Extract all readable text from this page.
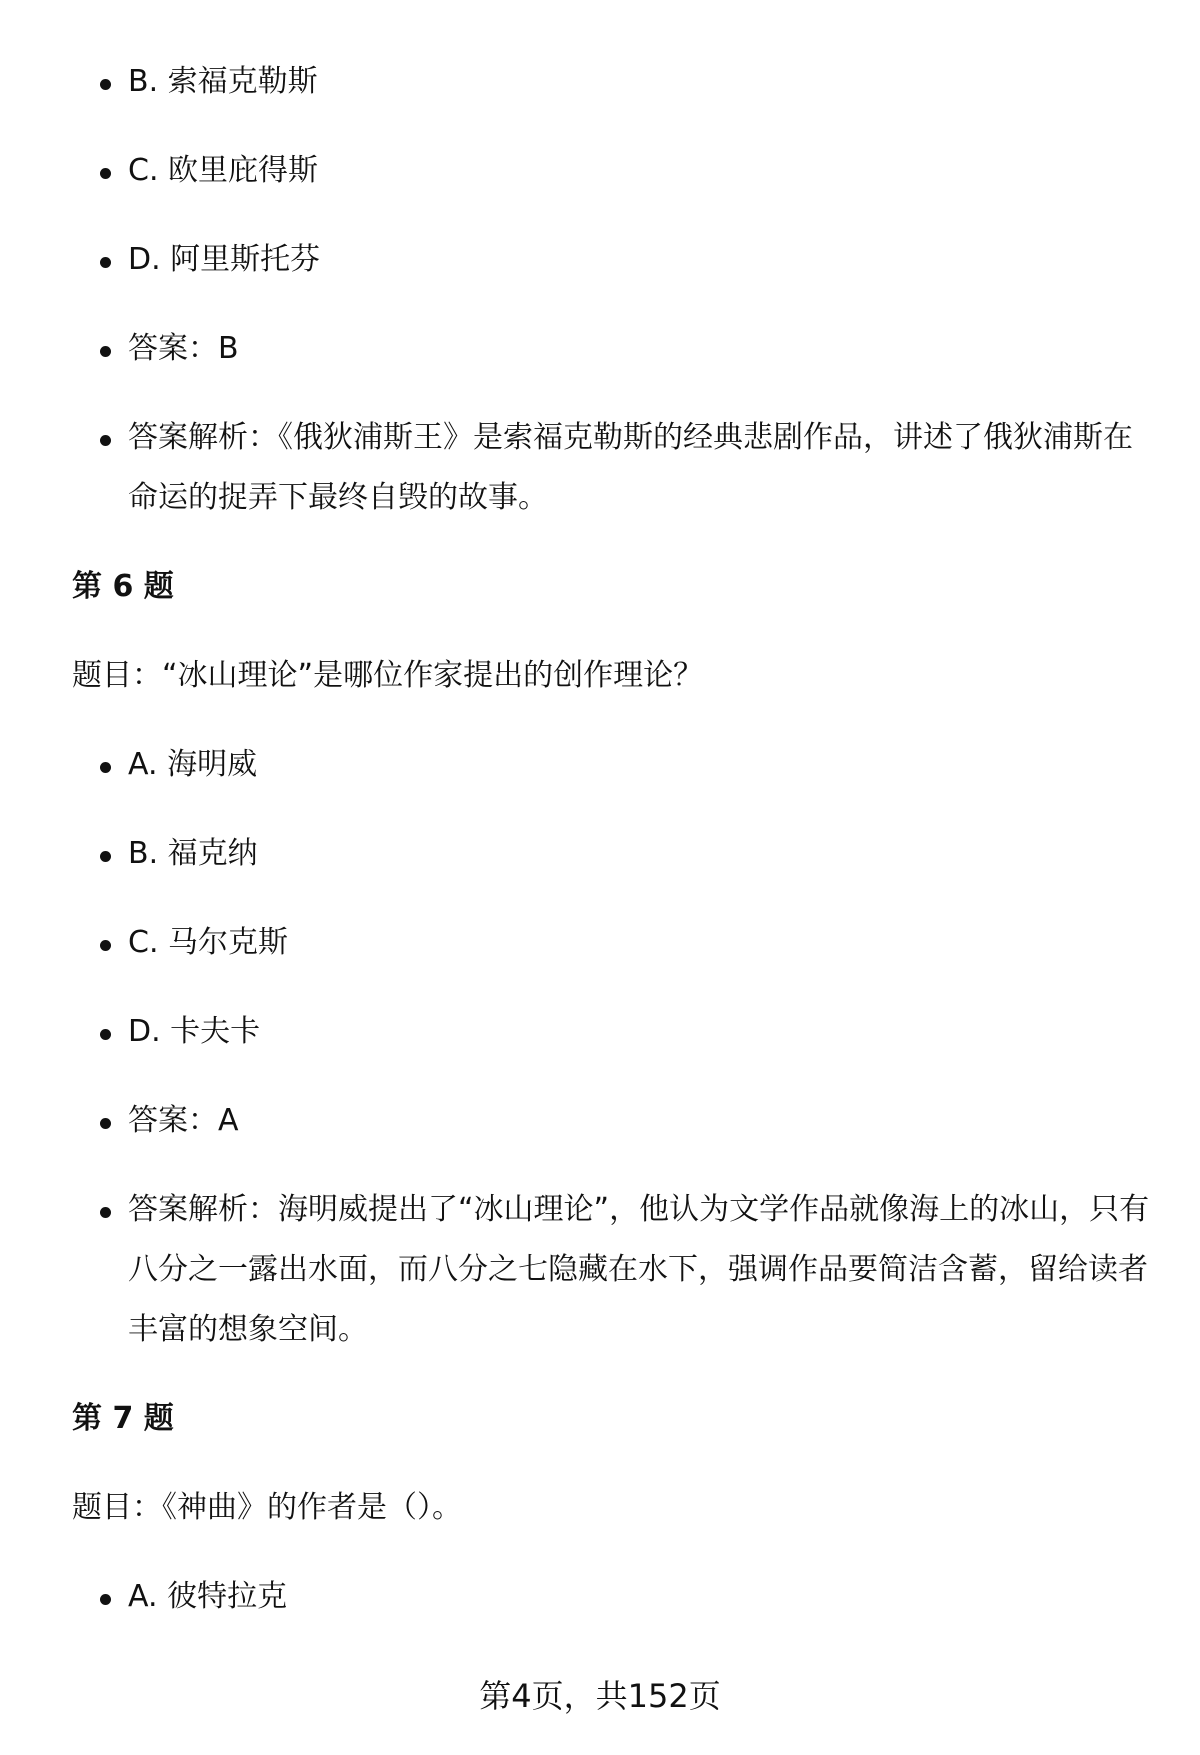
B. 索福克勒斯
C. 欧里庇得斯
D. 阿里斯托芬
答案：B
答案解析：《俄狄浦斯王》是索福克勒斯的经典悲剧作品，讲述了俄狄浦斯在命运的捉弄下最终自毁的故事。
第 6 题
题目：“冰山理论”是哪位作家提出的创作理论？
A. 海明威
B. 福克纳
C. 马尔克斯
D. 卡夫卡
答案：A
答案解析：海明威提出了“冰山理论”，他认为文学作品就像海上的冰山，只有八分之一露出水面，而八分之七隐藏在水下，强调作品要简洁含蓄，留给读者丰富的想象空间。
第 7 题
题目：《神曲》的作者是（）。
A. 彼特拉克
第4页，共152页
